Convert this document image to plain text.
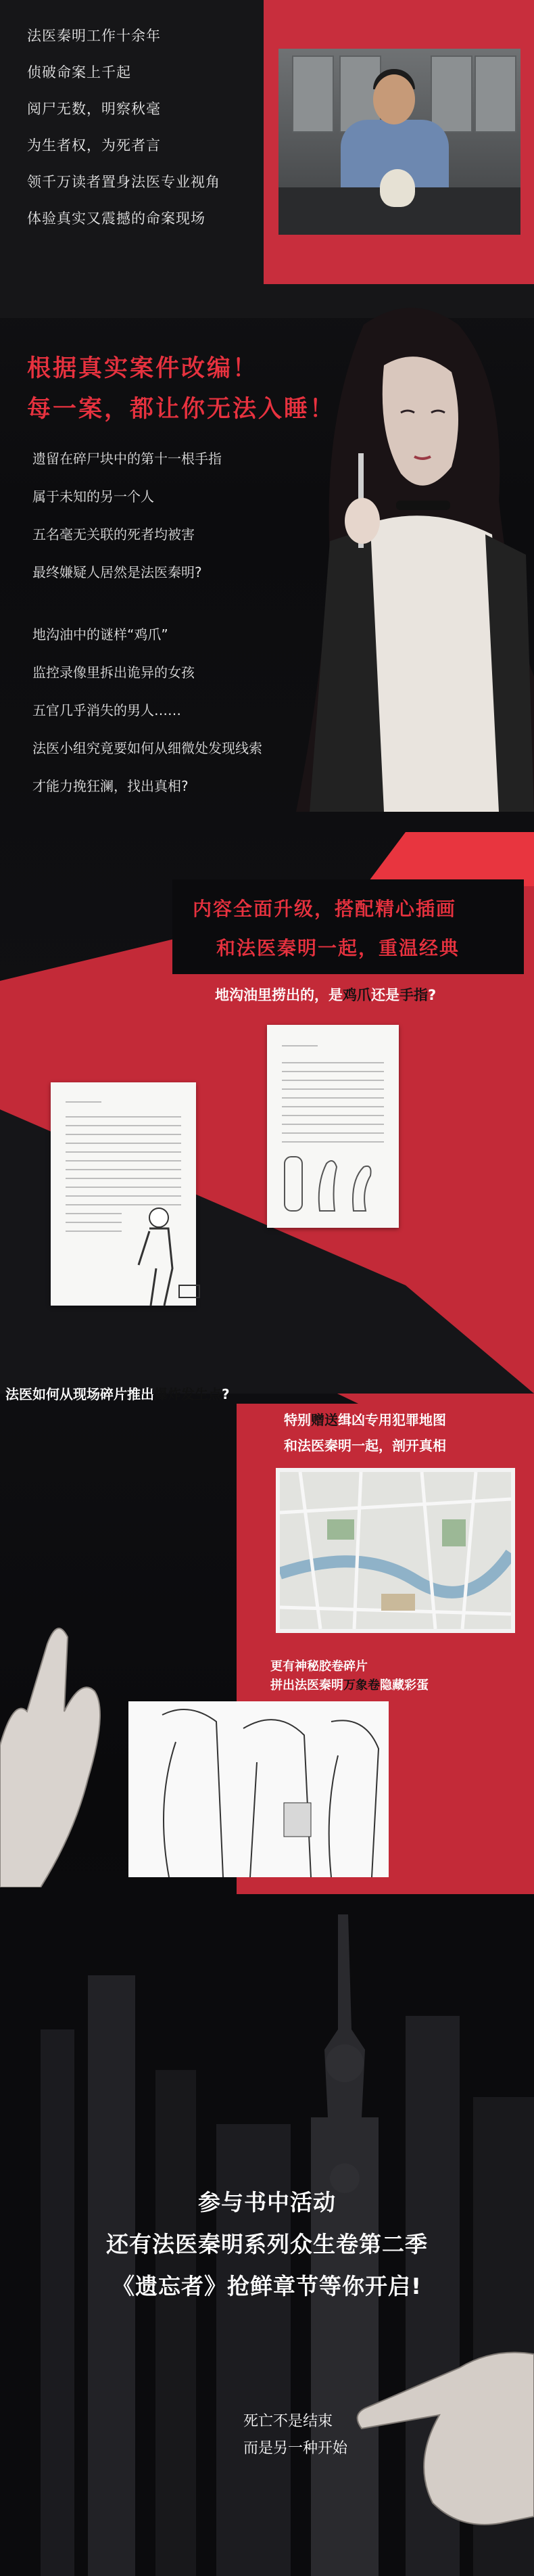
法医秦明工作十余年
侦破命案上千起
阅尸无数，明察秋毫
为生者权，为死者言
领千万读者置身法医专业视角
体验真实又震撼的命案现场
根据真实案件改编！
每一案，都让你无法入睡！
遗留在碎尸块中的第十一根手指
属于未知的另一个人
五名毫无关联的死者均被害
最终嫌疑人居然是法医秦明?
地沟油中的谜样“鸡爪”
监控录像里拆出诡异的女孩
五官几乎消失的男人……
法医小组究竟要如何从细微处发现线索
才能力挽狂澜，找出真相?
内容全面升级，搭配精心插画
和法医秦明一起，重温经典
地沟油里捞出的，是鸡爪还是手指?
法医如何从现场碎片推出爆炸发生点?
特别赠送缉凶专用犯罪地图
和法医秦明一起，剖开真相
更有神秘胶卷碎片
拼出法医秦明万象卷隐藏彩蛋
参与书中活动
还有法医秦明系列众生卷第二季
《遗忘者》抢鲜章节等你开启!
死亡不是结束
而是另一种开始
